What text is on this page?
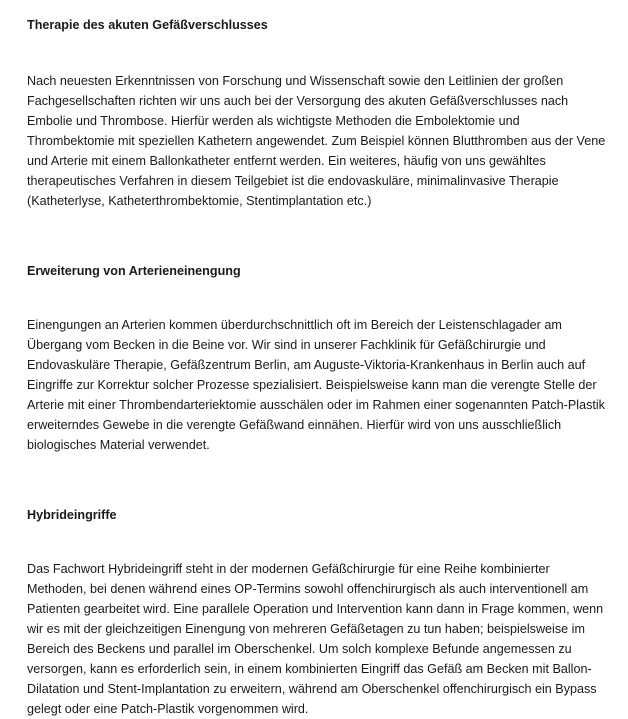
Therapie des akuten Gefäßverschlusses

Nach neuesten Erkenntnissen von Forschung und Wissenschaft sowie den Leitlinien der großen Fachgesellschaften richten wir uns auch bei der Versorgung des akuten Gefäßverschlusses nach Embolie und Thrombose. Hierfür werden als wichtigste Methoden die Embolektomie und Thrombektomie mit speziellen Kathetern angewendet. Zum Beispiel können Blutthromben aus der Vene und Arterie mit einem Ballonkatheter entfernt werden. Ein weiteres, häufig von uns gewähltes therapeutisches Verfahren in diesem Teilgebiet ist die endovaskuläre, minimalinvasive Therapie (Katheterlyse, Katheterthrombektomie, Stentimplantation etc.)

Erweiterung von Arterieneinengung

Einengungen an Arterien kommen überdurchschnittlich oft im Bereich der Leistenschlagader am Übergang vom Becken in die Beine vor. Wir sind in unserer Fachklinik für Gefäßchirurgie und Endovaskuläre Therapie, Gefäßzentrum Berlin, am Auguste-Viktoria-Krankenhaus in Berlin auch auf Eingriffe zur Korrektur solcher Prozesse spezialisiert. Beispielsweise kann man die verengte Stelle der Arterie mit einer Thrombendarteriektomie ausschälen oder im Rahmen einer sogenannten Patch-Plastik erweiterndes Gewebe in die verengte Gefäßwand einnähen. Hierfür wird von uns ausschließlich biologisches Material verwendet.

Hybrideingriffe

Das Fachwort Hybrideingriff steht in der modernen Gefäßchirurgie für eine Reihe kombinierter Methoden, bei denen während eines OP-Termins sowohl offenchirurgisch als auch interventionell am Patienten gearbeitet wird. Eine parallele Operation und Intervention kann dann in Frage kommen, wenn wir es mit der gleichzeitigen Einengung von mehreren Gefäßetagen zu tun haben; beispielsweise im Bereich des Beckens und parallel im Oberschenkel. Um solch komplexe Befunde angemessen zu versorgen, kann es erforderlich sein, in einem kombinierten Eingriff das Gefäß am Becken mit Ballon-Dilatation und Stent-Implantation zu erweitern, während am Oberschenkel offenchirurgisch ein Bypass gelegt oder eine Patch-Plastik vorgenommen wird.
